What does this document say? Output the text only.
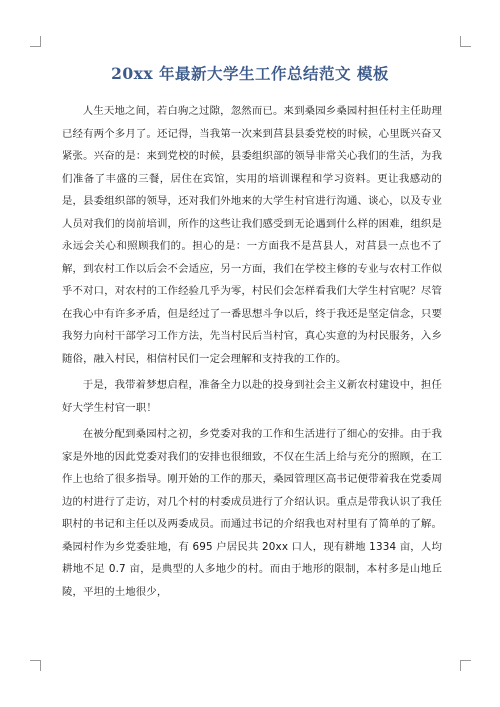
20xx 年最新大学生工作总结范文 模板

人生天地之间，若白驹之过隙，忽然而已。来到桑园乡桑园村担任村主任助理已经有两个多月了。还记得，当我第一次来到莒县县委党校的时候，心里既兴奋又紧张。兴奋的是：来到党校的时候，县委组织部的领导非常关心我们的生活，为我们准备了丰盛的三餐，居住在宾馆，实用的培训课程和学习资料。更让我感动的是，县委组织部的领导，还对我们外地来的大学生村官进行沟通、谈心，以及专业人员对我们的岗前培训，所作的这些让我们感受到无论遇到什么样的困难，组织是永远会关心和照顾我们的。担心的是：一方面我不是莒县人，对莒县一点也不了解，到农村工作以后会不会适应，另一方面，我们在学校主修的专业与农村工作似乎不对口，对农村的工作经验几乎为零，村民们会怎样看我们大学生村官呢？尽管在我心中有许多矛盾，但是经过了一番思想斗争以后，终于我还是坚定信念，只要我努力向村干部学习工作方法，先当村民后当村官，真心实意的为村民服务，入乡随俗，融入村民，相信村民们一定会理解和支持我的工作的。

于是，我带着梦想启程，准备全力以赴的投身到社会主义新农村建设中，担任好大学生村官一职！

在被分配到桑园村之初，乡党委对我的工作和生活进行了细心的安排。由于我家是外地的因此党委对我们的安排也很细致，不仅在生活上给与充分的照顾，在工作上也给了很多指导。刚开始的工作的那天，桑园管理区高书记便带着我在党委周边的村进行了走访，对几个村的村委成员进行了介绍认识。重点是带我认识了我任职村的书记和主任以及两委成员。而通过书记的介绍我也对村里有了简单的了解。桑园村作为乡党委驻地，有 695 户居民共 20xx 口人，现有耕地 1334 亩，人均耕地不足 0.7 亩，是典型的人多地少的村。而由于地形的限制，本村多是山地丘陵，平坦的土地很少，
